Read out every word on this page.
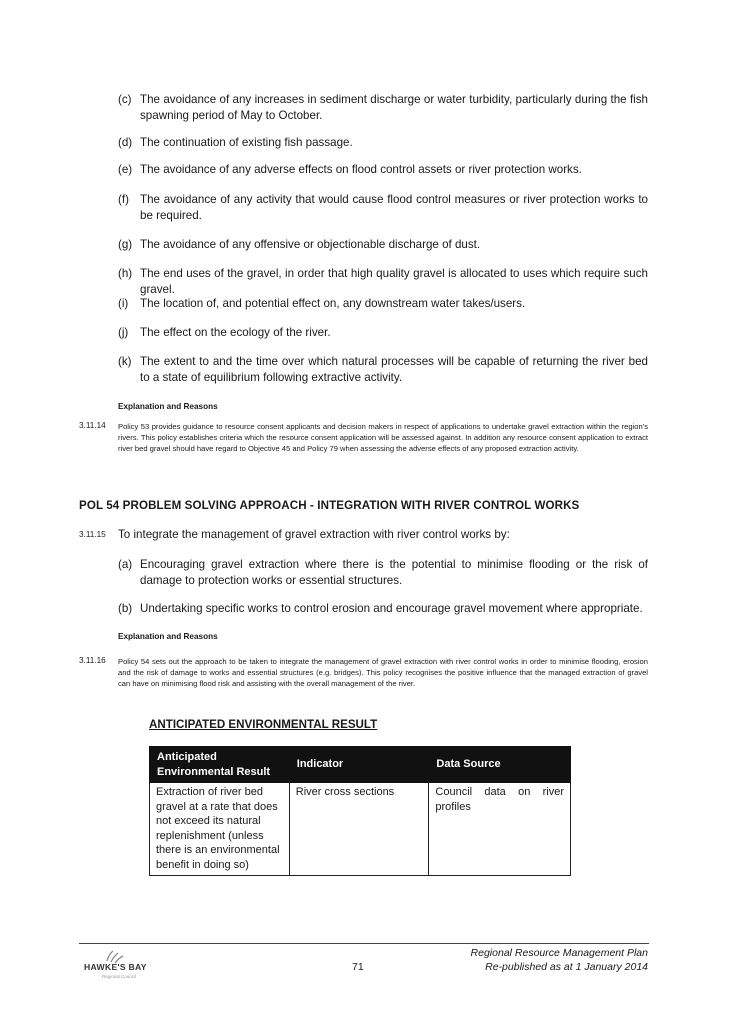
(c) The avoidance of any increases in sediment discharge or water turbidity, particularly during the fish spawning period of May to October.
(d) The continuation of existing fish passage.
(e) The avoidance of any adverse effects on flood control assets or river protection works.
(f) The avoidance of any activity that would cause flood control measures or river protection works to be required.
(g) The avoidance of any offensive or objectionable discharge of dust.
(h) The end uses of the gravel, in order that high quality gravel is allocated to uses which require such gravel.
(i)	The location of, and potential effect on, any downstream water takes/users.
(j)	The effect on the ecology of the river.
(k) The extent to and the time over which natural processes will be capable of returning the river bed to a state of equilibrium following extractive activity.
Explanation and Reasons
3.11.14 Policy 53 provides guidance to resource consent applicants and decision makers in respect of applications to undertake gravel extraction within the region's rivers. This policy establishes criteria which the resource consent application will be assessed against. In addition any resource consent application to extract river bed gravel should have regard to Objective 45 and Policy 79 when assessing the adverse effects of any proposed extraction activity.
POL 54 PROBLEM SOLVING APPROACH - INTEGRATION WITH RIVER CONTROL WORKS
3.11.15 To integrate the management of gravel extraction with river control works by:
(a) Encouraging gravel extraction where there is the potential to minimise flooding or the risk of damage to protection works or essential structures.
(b) Undertaking specific works to control erosion and encourage gravel movement where appropriate.
Explanation and Reasons
3.11.16 Policy 54 sets out the approach to be taken to integrate the management of gravel extraction with river control works in order to minimise flooding, erosion and the risk of damage to works and essential structures (e.g. bridges). This policy recognises the positive influence that the managed extraction of gravel can have on minimising flood risk and assisting with the overall management of the river.
ANTICIPATED ENVIRONMENTAL RESULT
Anticipated Environmental Result	Indicator	Data Source
Extraction of river bed gravel at a rate that does not exceed its natural replenishment (unless there is an environmental benefit in doing so)	River cross sections	Council data on river profiles
HAWKE'S BAY
Regional Council
71
Regional Resource Management Plan
Re-published as at 1 January 2014
